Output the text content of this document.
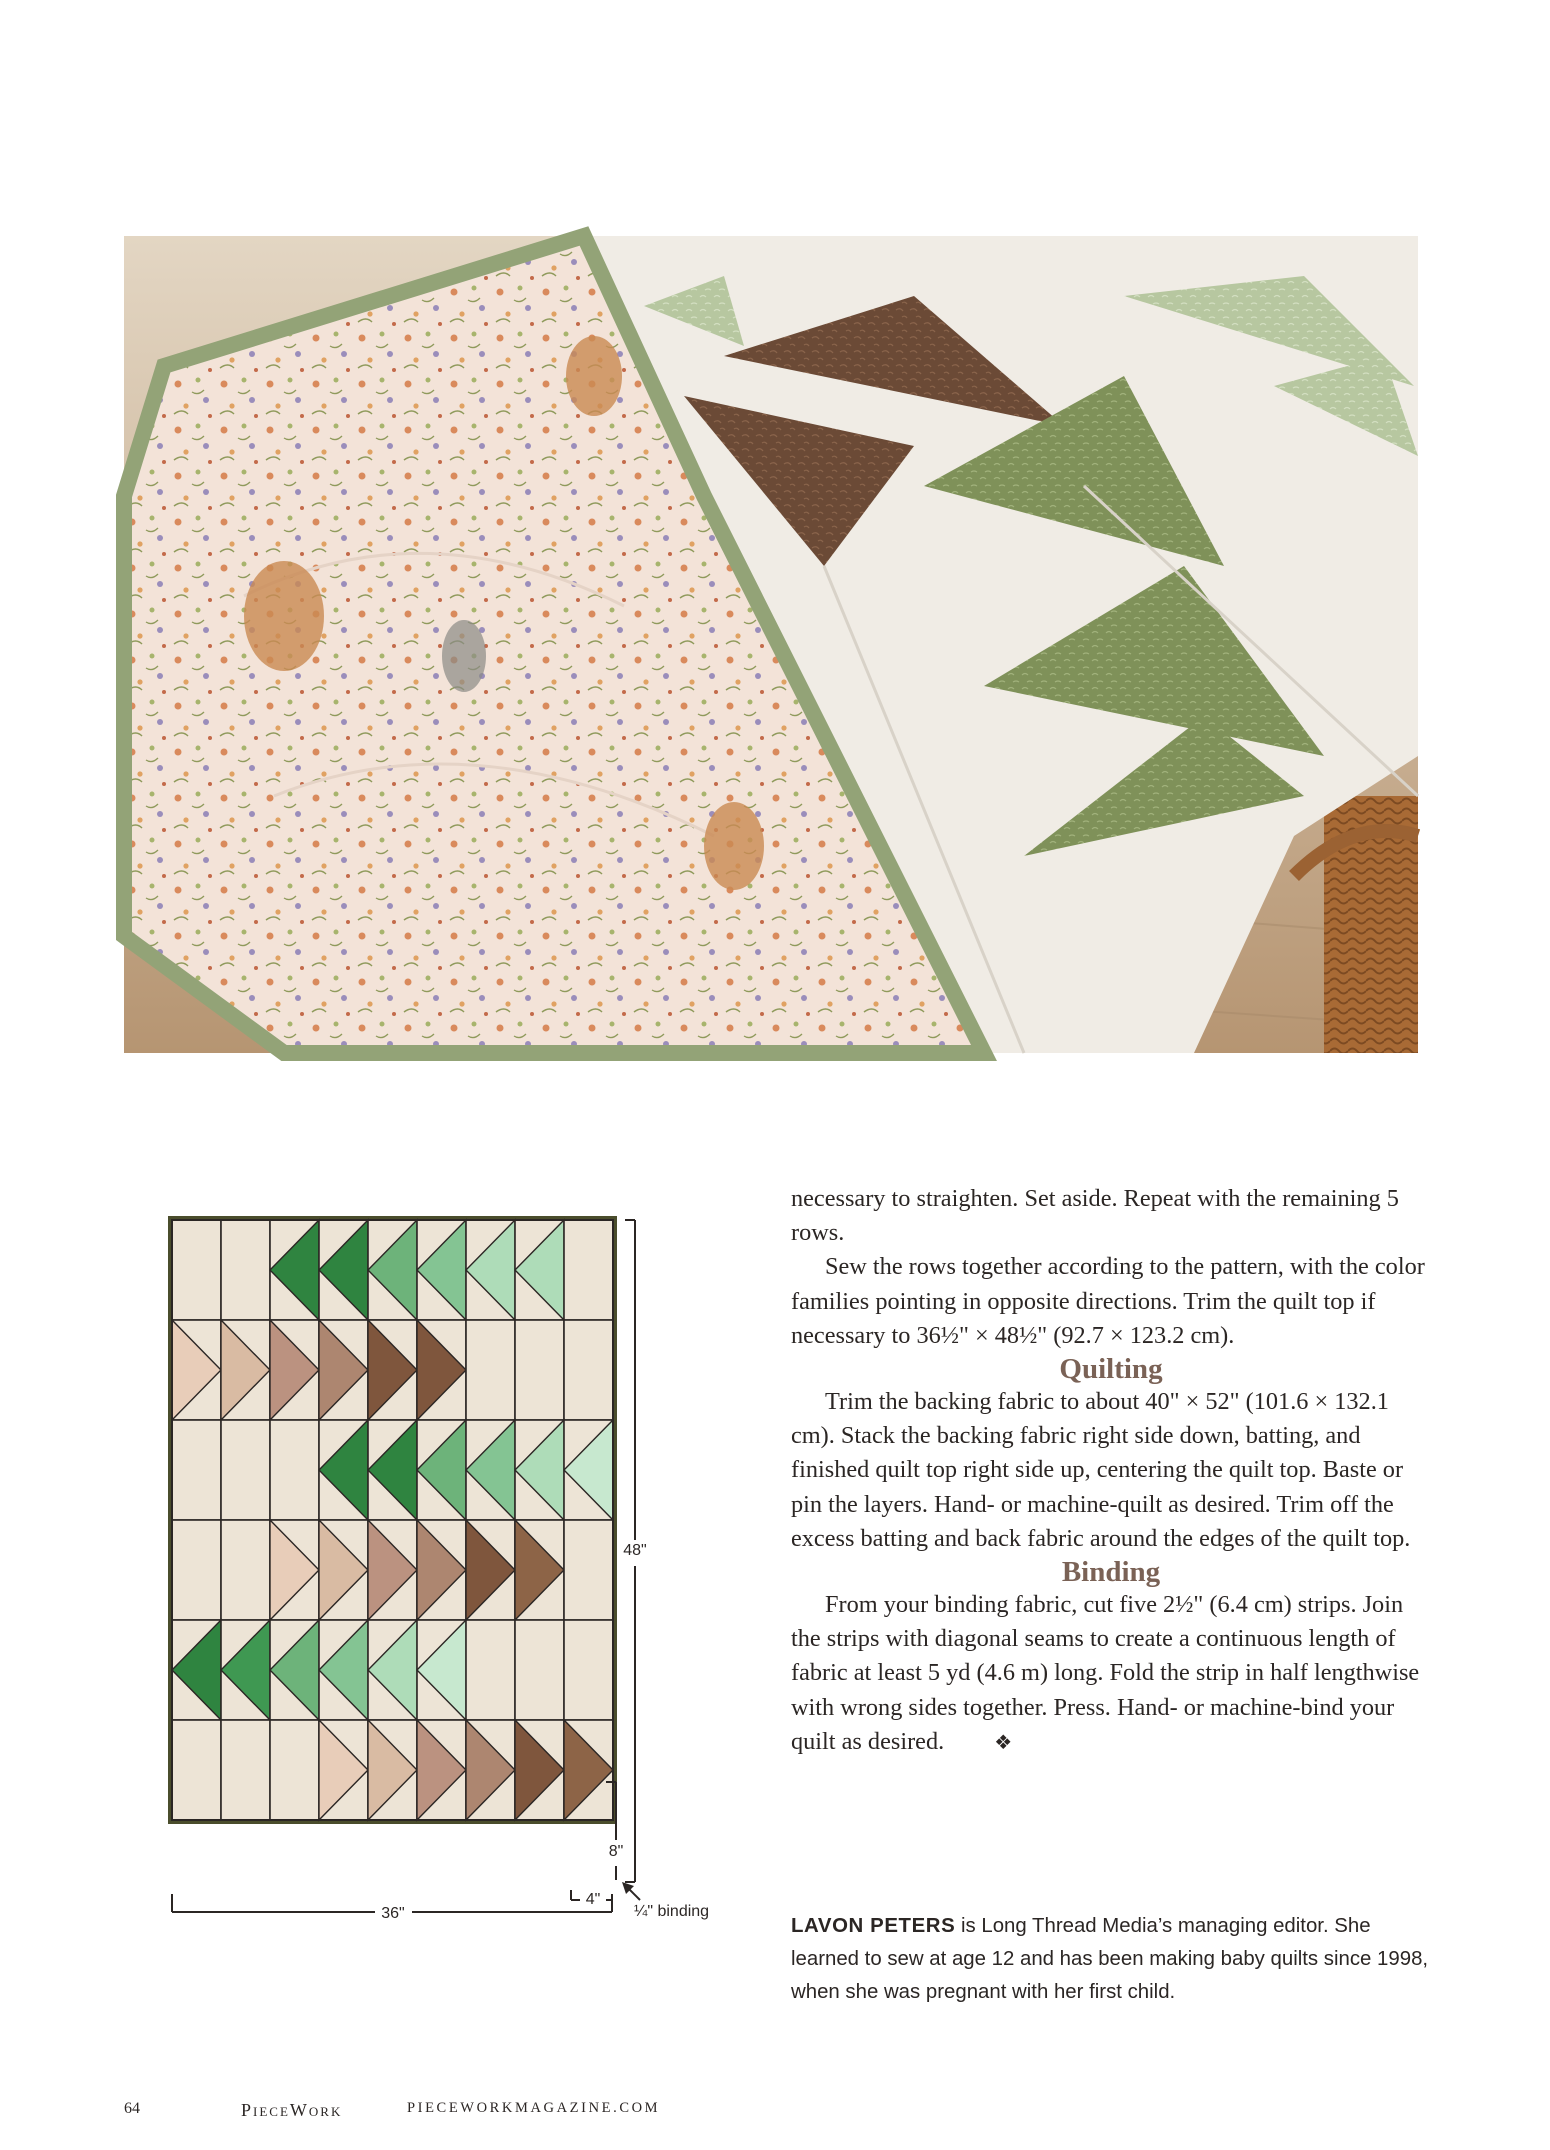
48"
8"
36"
4"
¼" binding

necessary to straighten. Set aside. Repeat with the remaining 5 rows.

Sew the rows together according to the pattern, with the color families pointing in opposite directions. Trim the quilt top if necessary to 36½" × 48½" (92.7 × 123.2 cm).

Quilting

Trim the backing fabric to about 40" × 52" (101.6 × 132.1 cm). Stack the backing fabric right side down, batting, and finished quilt top right side up, centering the quilt top. Baste or pin the layers. Hand- or machine-quilt as desired. Trim off the excess batting and back fabric around the edges of the quilt top.

Binding

From your binding fabric, cut five 2½" (6.4 cm) strips. Join the strips with diagonal seams to create a continuous length of fabric at least 5 yd (4.6 m) long. Fold the strip in half lengthwise with wrong sides together. Press. Hand- or machine-bind your quilt as desired.	❖

LAVON PETERS is Long Thread Media’s managing editor. She learned to sew at age 12 and has been making baby quilts since 1998, when she was pregnant with her first child.
64	PieceWork	PIECEWORKMAGAZINE.COM
